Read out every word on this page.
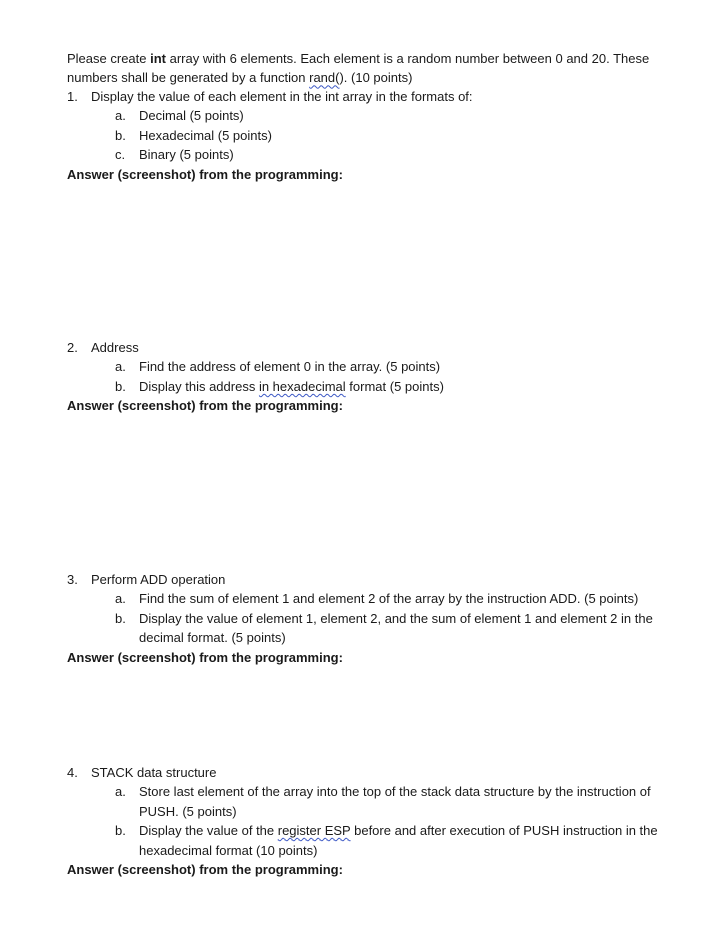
Please create int array with 6 elements. Each element is a random number between 0 and 20. These
numbers shall be generated by a function rand(). (10 points)
1. Display the value of each element in the int array in the formats of:
a. Decimal (5 points)
b. Hexadecimal (5 points)
c. Binary (5 points)
Answer (screenshot) from the programming:
2. Address
a. Find the address of element 0 in the array. (5 points)
b. Display this address in hexadecimal format (5 points)
Answer (screenshot) from the programming:
3. Perform ADD operation
a. Find the sum of element 1 and element 2 of the array by the instruction ADD. (5 points)
b. Display the value of element 1, element 2, and the sum of element 1 and element 2 in the
decimal format. (5 points)
Answer (screenshot) from the programming:
4. STACK data structure
a. Store last element of the array into the top of the stack data structure by the instruction of
PUSH. (5 points)
b. Display the value of the register ESP before and after execution of PUSH instruction in the
hexadecimal format (10 points)
Answer (screenshot) from the programming:
